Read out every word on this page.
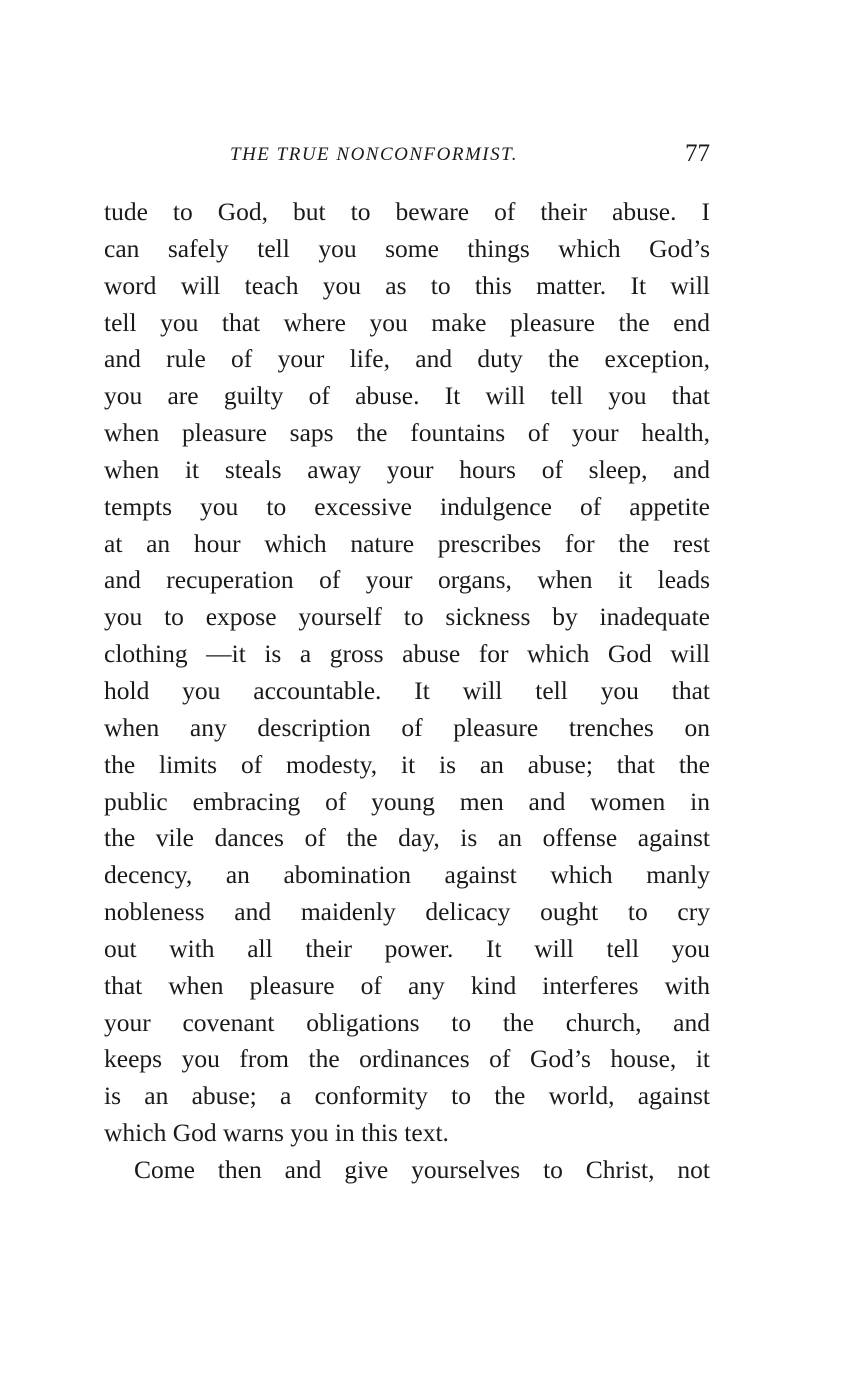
THE TRUE NONCONFORMIST.	77
tude to God, but to beware of their abuse. I
can safely tell you some things which God’s
word will teach you as to this matter. It will
tell you that where you make pleasure the end
and rule of your life, and duty the exception,
you are guilty of abuse. It will tell you that
when pleasure saps the fountains of your health,
when it steals away your hours of sleep, and
tempts you to excessive indulgence of appetite
at an hour which nature prescribes for the rest
and recuperation of your organs, when it leads
you to expose yourself to sickness by inadequate
clothing —it is a gross abuse for which God will
hold you accountable. It will tell you that
when any description of pleasure trenches on
the limits of modesty, it is an abuse; that the
public embracing of young men and women in
the vile dances of the day, is an offense against
decency, an abomination against which manly
nobleness and maidenly delicacy ought to cry
out with all their power. It will tell you
that when pleasure of any kind interferes with
your covenant obligations to the church, and
keeps you from the ordinances of God’s house, it
is an abuse; a conformity to the world, against
which God warns you in this text.
Come then and give yourselves to Christ, not
